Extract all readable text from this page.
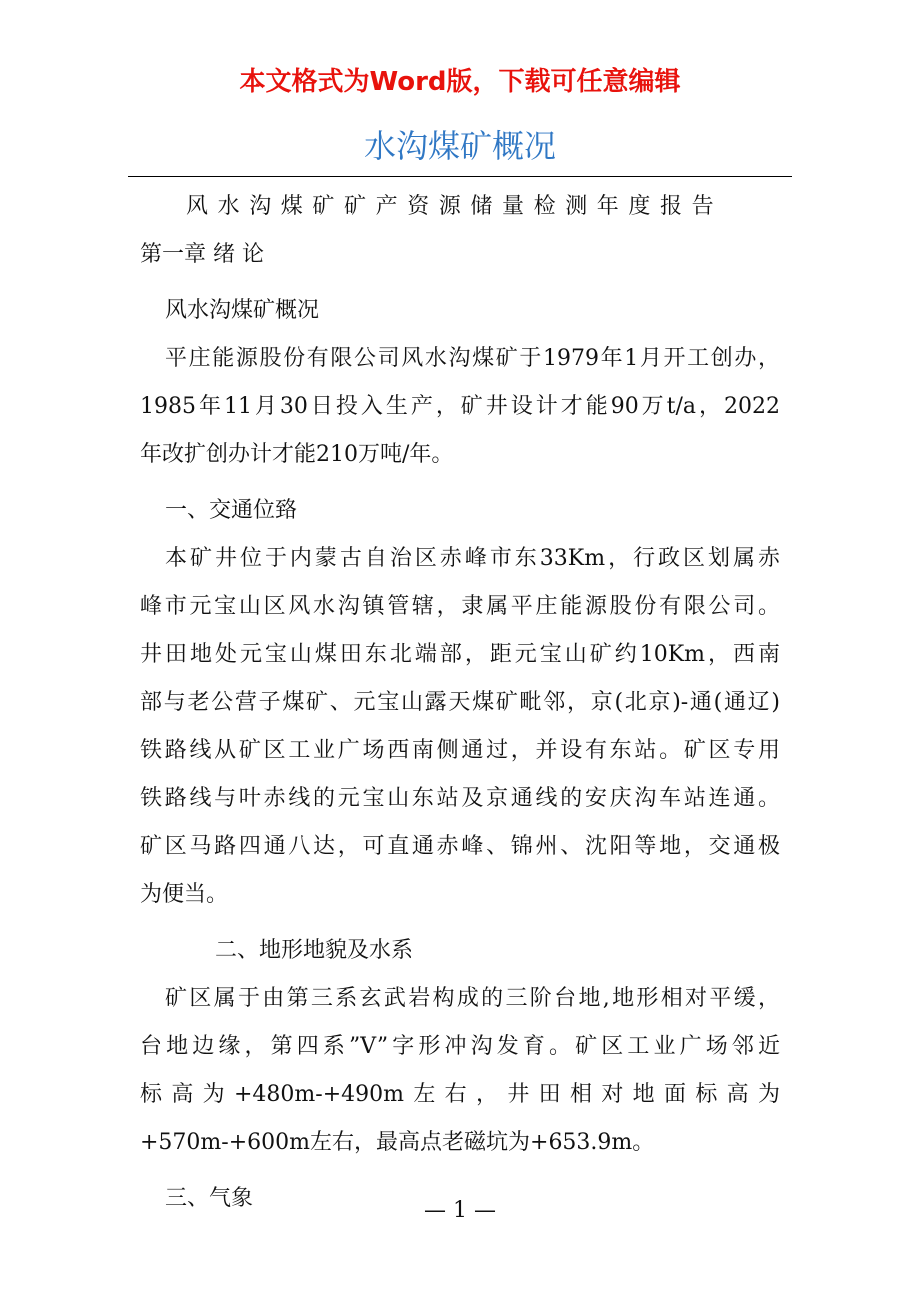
本文格式为Word版，下载可任意编辑
水沟煤矿概况
风水沟煤矿矿产资源储量检测年度报告
第一章 绪 论
风水沟煤矿概况

平庄能源股份有限公司风水沟煤矿于1979年1月开工创办，
1985年11月30日投入生产，矿井设计才能90万t/a，2022
年改扩创办计才能210万吨/年。

一、交通位臵

本矿井位于内蒙古自治区赤峰市东33Km，行政区划属赤
峰市元宝山区风水沟镇管辖，隶属平庄能源股份有限公司。
井田地处元宝山煤田东北端部，距元宝山矿约10Km，西南
部与老公营子煤矿、元宝山露天煤矿毗邻，京(北京)-通(通辽)
铁路线从矿区工业广场西南侧通过，并设有东站。矿区专用
铁路线与叶赤线的元宝山东站及京通线的安庆沟车站连通。
矿区马路四通八达，可直通赤峰、锦州、沈阳等地，交通极
为便当。

二、地形地貌及水系

矿区属于由第三系玄武岩构成的三阶台地,地形相对平缓，
台地边缘，第四系”V”字形冲沟发育。矿区工业广场邻近
标高为+480m-+490m左右，井田相对地面标高为
+570m-+600m左右，最高点老磁坑为+653.9m。

三、气象	— 1 —
